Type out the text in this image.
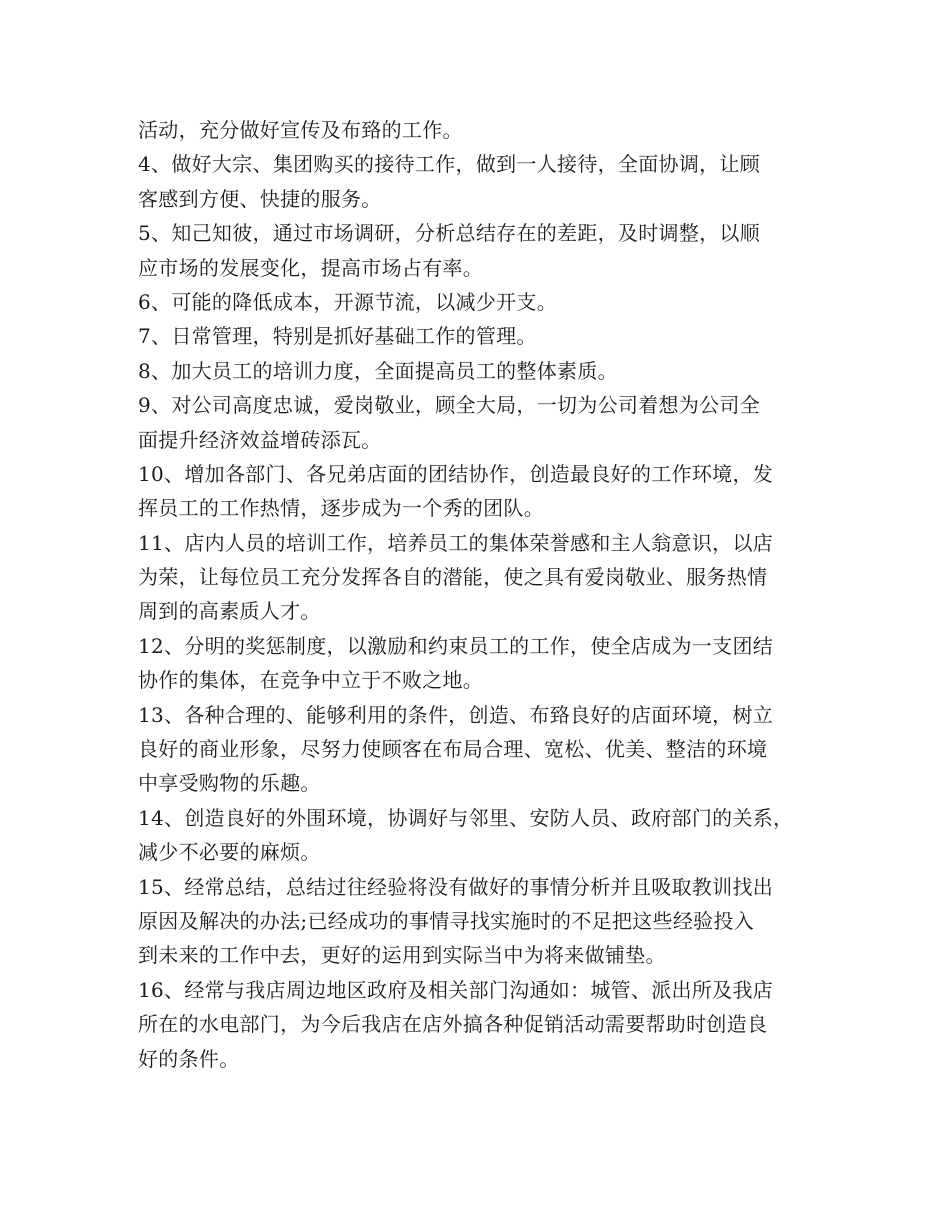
活动，充分做好宣传及布臵的工作。
4、做好大宗、集团购买的接待工作，做到一人接待，全面协调，让顾
客感到方便、快捷的服务。
5、知己知彼，通过市场调研，分析总结存在的差距，及时调整，以顺
应市场的发展变化，提高市场占有率。
6、可能的降低成本，开源节流，以减少开支。
7、日常管理，特别是抓好基础工作的管理。
8、加大员工的培训力度，全面提高员工的整体素质。
9、对公司高度忠诚，爱岗敬业，顾全大局，一切为公司着想为公司全
面提升经济效益增砖添瓦。
10、增加各部门、各兄弟店面的团结协作，创造最良好的工作环境，发
挥员工的工作热情，逐步成为一个秀的团队。
11、店内人员的培训工作，培养员工的集体荣誉感和主人翁意识，以店
为荣，让每位员工充分发挥各自的潜能，使之具有爱岗敬业、服务热情
周到的高素质人才。
12、分明的奖惩制度，以激励和约束员工的工作，使全店成为一支团结
协作的集体，在竞争中立于不败之地。
13、各种合理的、能够利用的条件，创造、布臵良好的店面环境，树立
良好的商业形象，尽努力使顾客在布局合理、宽松、优美、整洁的环境
中享受购物的乐趣。
14、创造良好的外围环境，协调好与邻里、安防人员、政府部门的关系，
减少不必要的麻烦。
15、经常总结，总结过往经验将没有做好的事情分析并且吸取教训找出
原因及解决的办法;已经成功的事情寻找实施时的不足把这些经验投入
到未来的工作中去，更好的运用到实际当中为将来做铺垫。
16、经常与我店周边地区政府及相关部门沟通如：城管、派出所及我店
所在的水电部门，为今后我店在店外搞各种促销活动需要帮助时创造良
好的条件。
